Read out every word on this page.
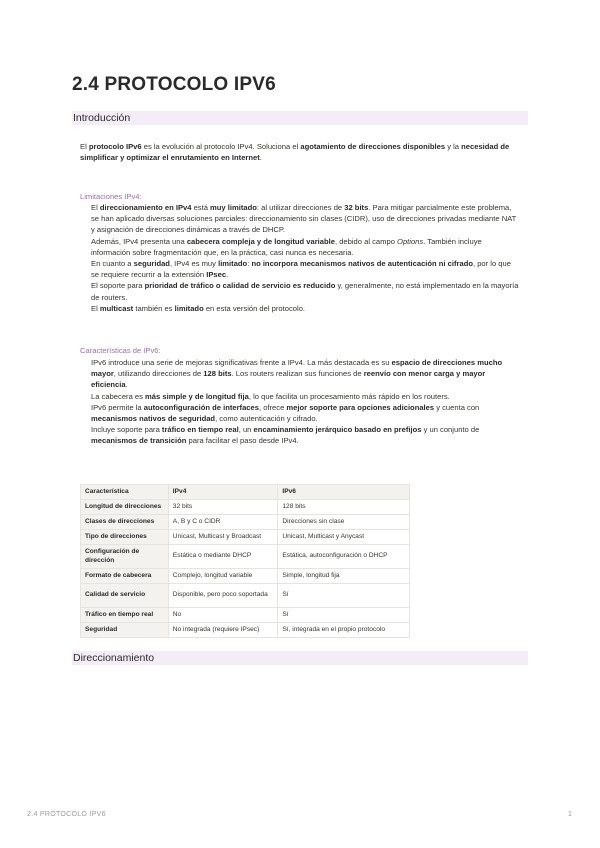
2.4 PROTOCOLO IPV6
Introducción
El protocolo IPv6 es la evolución al protocolo IPv4. Soluciona el agotamiento de direcciones disponibles y la necesidad de simplificar y optimizar el enrutamiento en Internet.
Limitaciones IPv4:

El direccionamiento en IPv4 está muy limitado: al utilizar direcciones de 32 bits. Para mitigar parcialmente este problema, se han aplicado diversas soluciones parciales: direccionamiento sin clases (CIDR), uso de direcciones privadas mediante NAT y asignación de direcciones dinámicas a través de DHCP.

Además, IPv4 presenta una cabecera compleja y de longitud variable, debido al campo Options. También incluye información sobre fragmentación que, en la práctica, casi nunca es necesaria.

En cuanto a seguridad, IPv4 es muy limitado: no incorpora mecanismos nativos de autenticación ni cifrado, por lo que se requiere recurrir a la extensión IPsec.

El soporte para prioridad de tráfico o calidad de servicio es reducido y, generalmente, no está implementado en la mayoría de routers.

El multicast también es limitado en esta versión del protocolo.

Características de IPv6:

IPv6 introduce una serie de mejoras significativas frente a IPv4. La más destacada es su espacio de direcciones mucho mayor, utilizando direcciones de 128 bits. Los routers realizan sus funciones de reenvío con menor carga y mayor eficiencia.

La cabecera es más simple y de longitud fija, lo que facilita un procesamiento más rápido en los routers.

IPv6 permite la autoconfiguración de interfaces, ofrece mejor soporte para opciones adicionales y cuenta con mecanismos nativos de seguridad, como autenticación y cifrado.

Incluye soporte para tráfico en tiempo real, un encaminamiento jerárquico basado en prefijos y un conjunto de mecanismos de transición para facilitar el paso desde IPv4.

Característica	IPv4	IPv6
Longitud de direcciones	32 bits	128 bits
Clases de direcciones	A, B y C o CIDR	Direcciones sin clase
Tipo de direcciones	Unicast, Multicast y Broadcast	Unicast, Multicast y Anycast
Configuración de dirección	Estática o mediante DHCP	Estática, autoconfiguración o DHCP
Formato de cabecera	Complejo, longitud variable	Simple, longitud fija
Calidad de servicio	Disponible, pero poco soportada	Sí
Tráfico en tiempo real	No	Sí
Seguridad	No integrada (requiere IPsec)	Sí, integrada en el propio protocolo
Direccionamiento
2.4 PROTOCOLO IPV6	1
